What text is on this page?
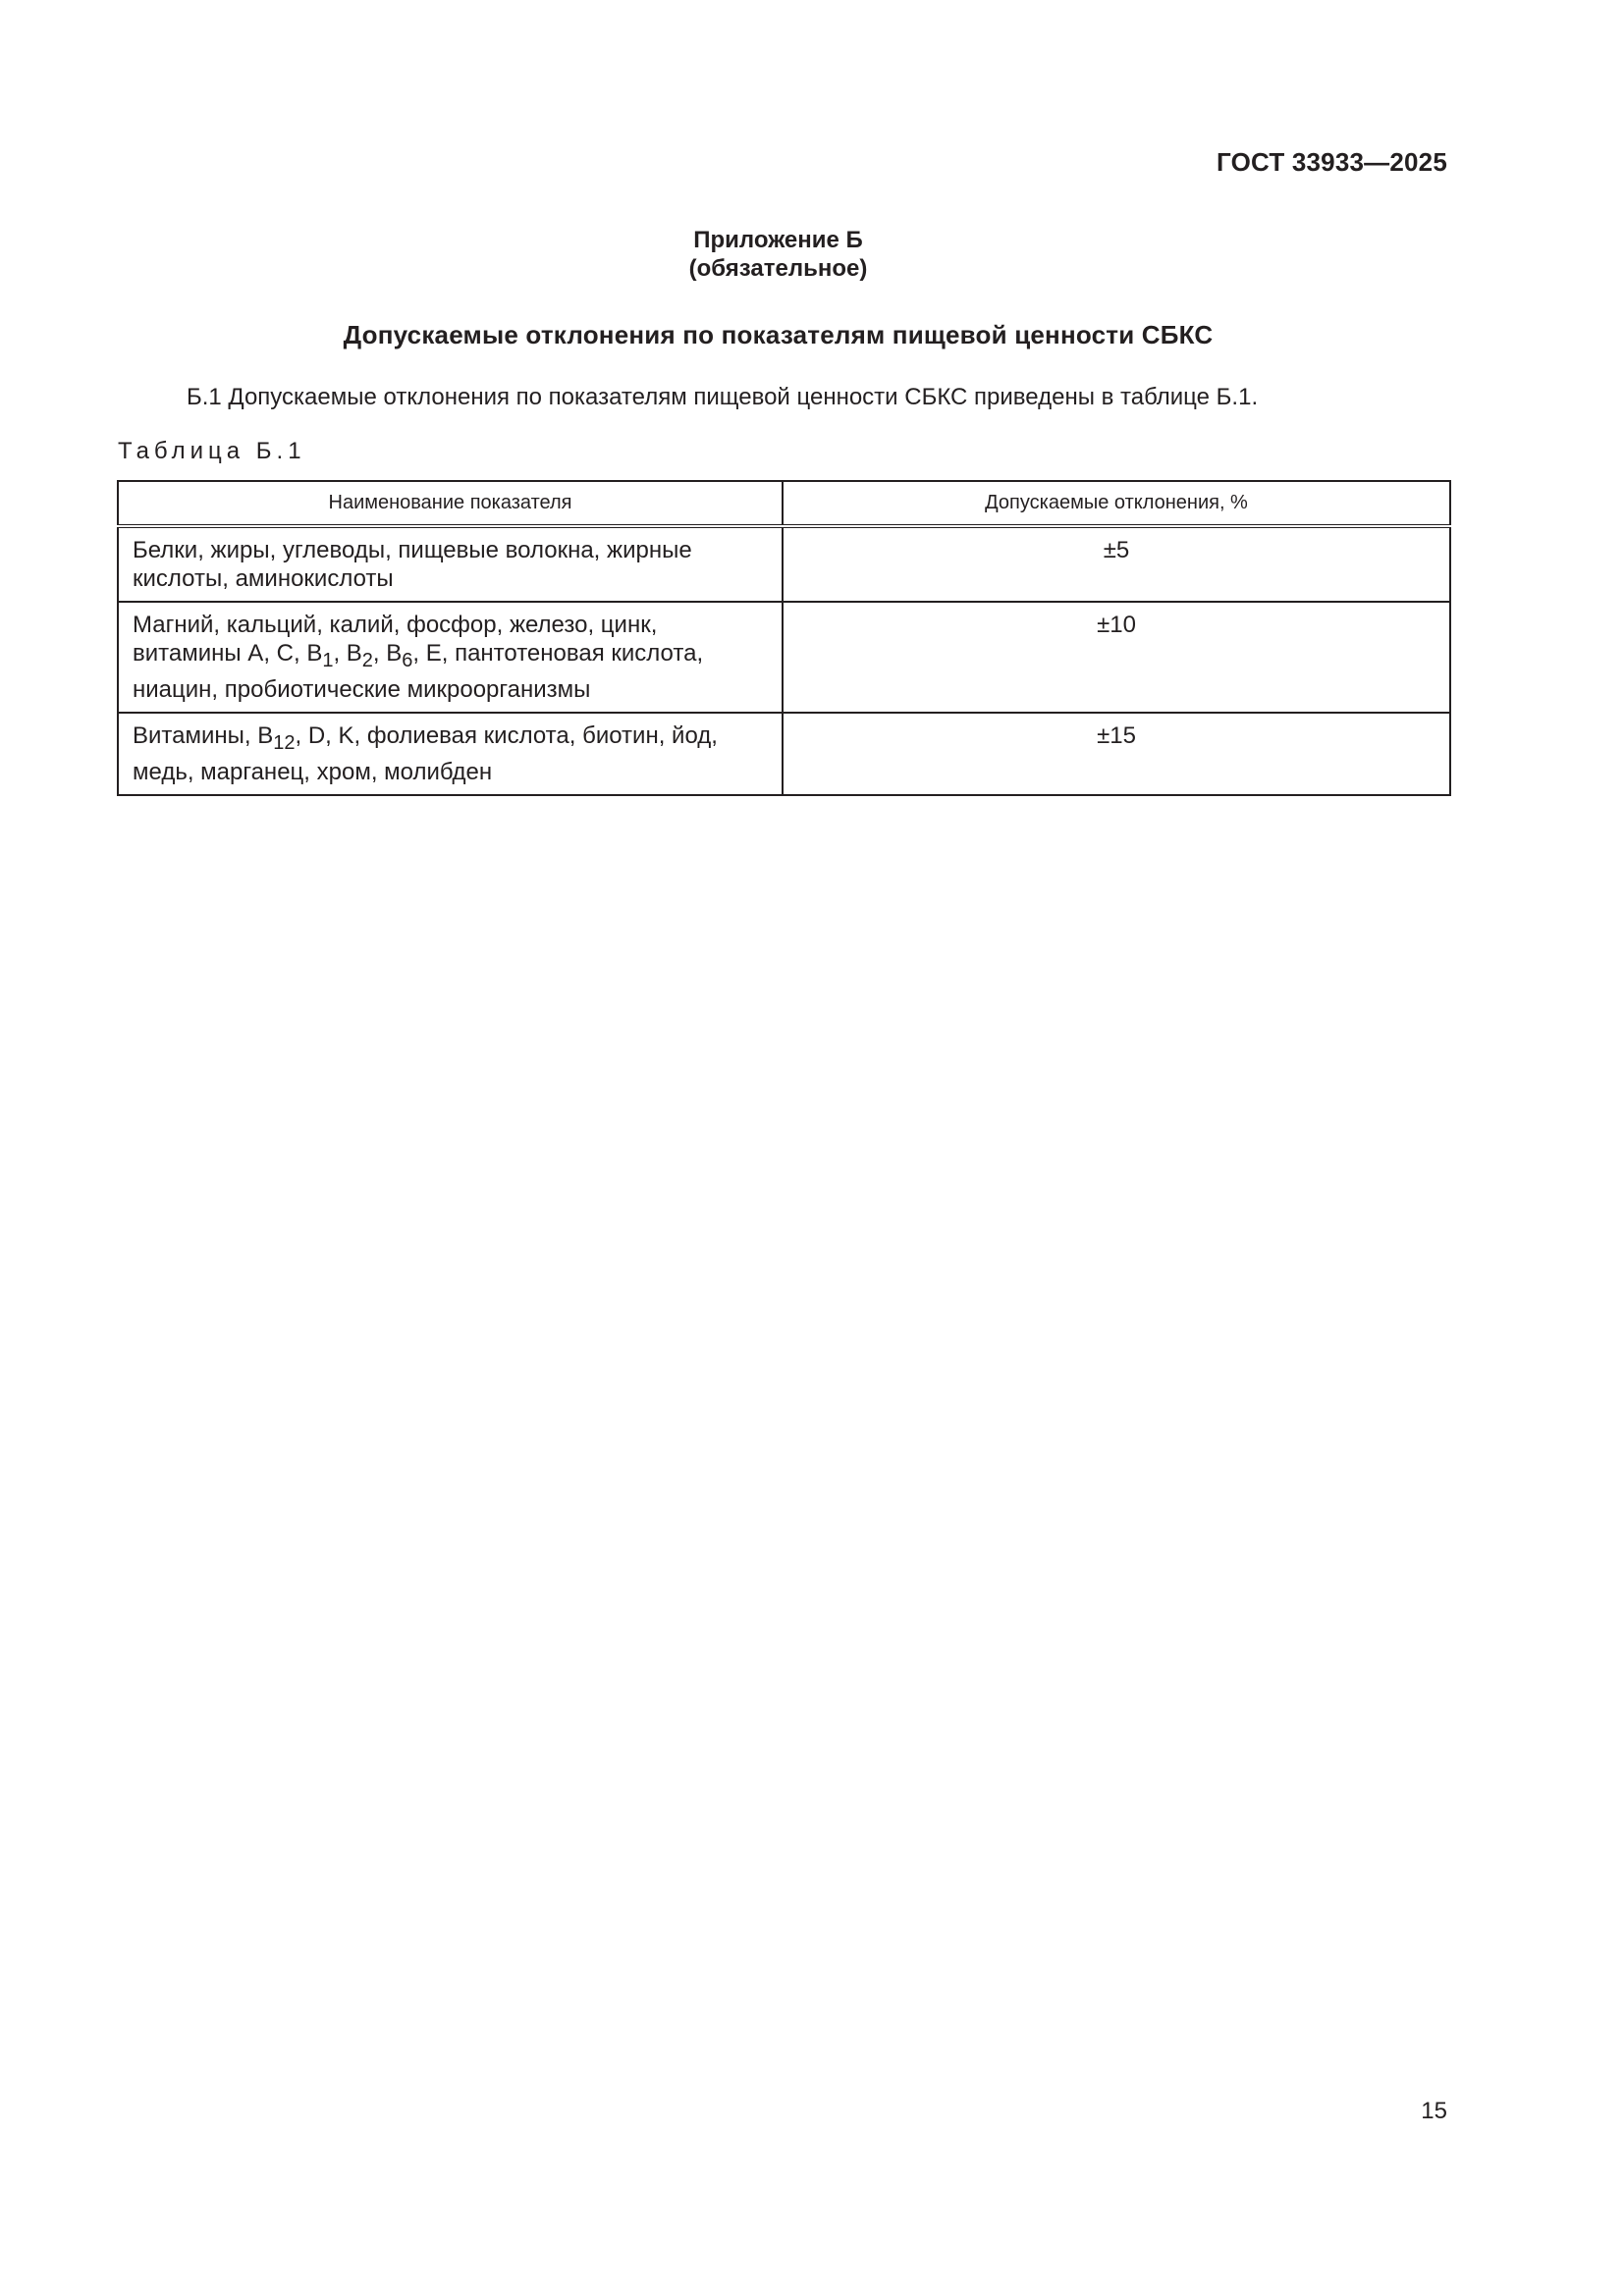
ГОСТ 33933—2025
Приложение Б
(обязательное)
Допускаемые отклонения по показателям пищевой ценности СБКС
Б.1 Допускаемые отклонения по показателям пищевой ценности СБКС приведены в таблице Б.1.
Таблица Б.1
Наименование показателя	Допускаемые отклонения, %
Белки, жиры, углеводы, пищевые волокна, жирные кислоты, аминокислоты	±5
Магний, кальций, калий, фосфор, железо, цинк, витамины A, C, $B_1$, $B_2$, $B_6$, E, пантотеновая кислота, ниацин, пробиотические микроорганизмы	±10
Витамины, $B_{12}$, D, K, фолиевая кислота, биотин, йод, медь, марганец, хром, молибден	±15
15
